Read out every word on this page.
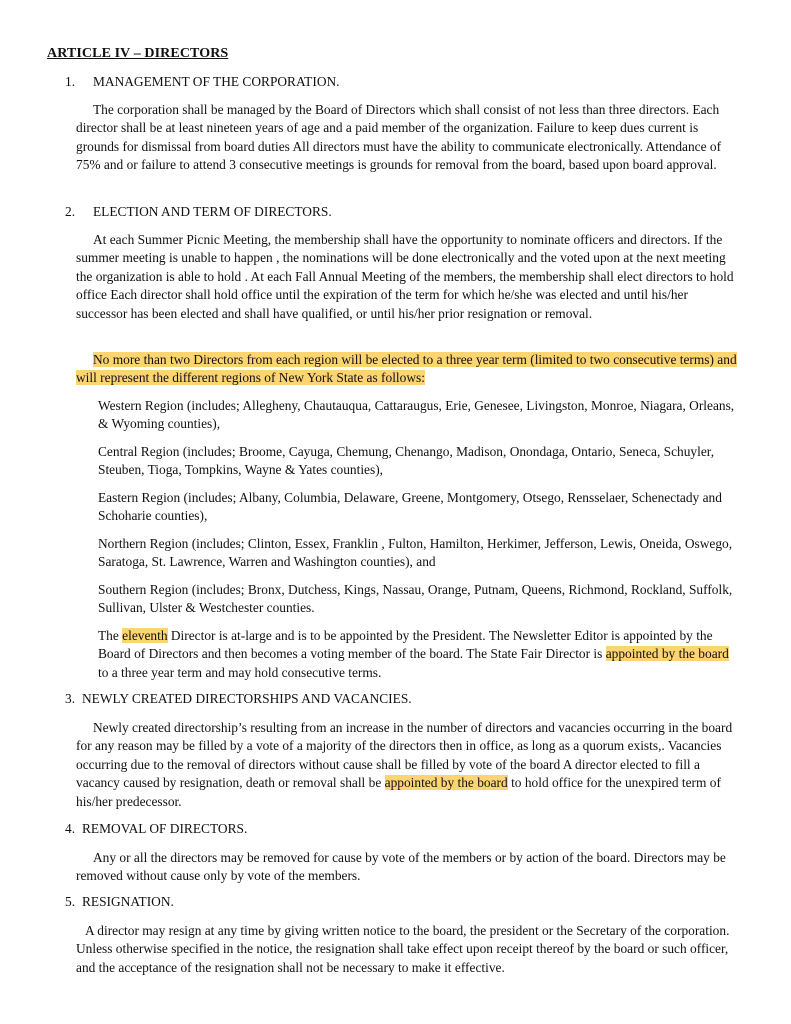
ARTICLE IV – DIRECTORS
1. MANAGEMENT OF THE CORPORATION.

The corporation shall be managed by the Board of Directors which shall consist of not less than three directors. Each director shall be at least nineteen years of age and a paid member of the organization. Failure to keep dues current is grounds for dismissal from board duties All directors must have the ability to communicate electronically. Attendance of 75% and or failure to attend 3 consecutive meetings is grounds for removal from the board, based upon board approval.

2. ELECTION AND TERM OF DIRECTORS.

At each Summer Picnic Meeting, the membership shall have the opportunity to nominate officers and directors. If the summer meeting is unable to happen , the nominations will be done electronically and the voted upon at the next meeting the organization is able to hold . At each Fall Annual Meeting of the members, the membership shall elect directors to hold office Each director shall hold office until the expiration of the term for which he/she was elected and until his/her successor has been elected and shall have qualified, or until his/her prior resignation or removal.

No more than two Directors from each region will be elected to a three year term (limited to two consecutive terms) and will represent the different regions of New York State as follows:

Western Region (includes; Allegheny, Chautauqua, Cattaraugus, Erie, Genesee, Livingston, Monroe, Niagara, Orleans, & Wyoming counties),

Central Region (includes; Broome, Cayuga, Chemung, Chenango, Madison, Onondaga, Ontario, Seneca, Schuyler, Steuben, Tioga, Tompkins, Wayne & Yates counties),

Eastern Region (includes; Albany, Columbia, Delaware, Greene, Montgomery, Otsego, Rensselaer, Schenectady and Schoharie counties),

Northern Region (includes; Clinton, Essex, Franklin , Fulton, Hamilton, Herkimer, Jefferson, Lewis, Oneida, Oswego, Saratoga, St. Lawrence, Warren and Washington counties), and

Southern Region (includes; Bronx, Dutchess, Kings, Nassau, Orange, Putnam, Queens, Richmond, Rockland, Suffolk, Sullivan, Ulster & Westchester counties.

The eleventh Director is at-large and is to be appointed by the President. The Newsletter Editor is appointed by the Board of Directors and then becomes a voting member of the board. The State Fair Director is appointed by the board to a three year term and may hold consecutive terms.

3. NEWLY CREATED DIRECTORSHIPS AND VACANCIES.

Newly created directorship’s resulting from an increase in the number of directors and vacancies occurring in the board for any reason may be filled by a vote of a majority of the directors then in office, as long as a quorum exists,. Vacancies occurring due to the removal of directors without cause shall be filled by vote of the board A director elected to fill a vacancy caused by resignation, death or removal shall be appointed by the board to hold office for the unexpired term of his/her predecessor.

4. REMOVAL OF DIRECTORS.

Any or all the directors may be removed for cause by vote of the members or by action of the board. Directors may be removed without cause only by vote of the members.

5. RESIGNATION.

A director may resign at any time by giving written notice to the board, the president or the Secretary of the corporation. Unless otherwise specified in the notice, the resignation shall take effect upon receipt thereof by the board or such officer, and the acceptance of the resignation shall not be necessary to make it effective.
